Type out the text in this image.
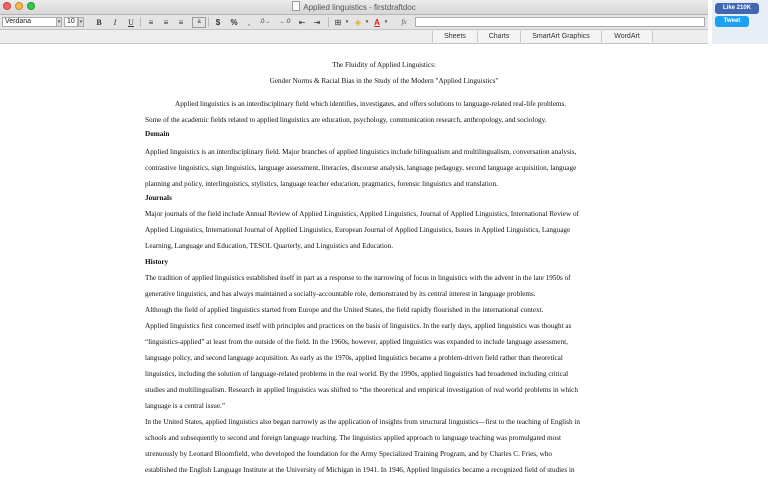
Applied linguistics - firstdraftdoc
Verdana	▾ 10 ▾ B	I	U	≡	≡	≡	a	$	%	,	.0→ ←.0	⇤	⇥	⊞ ▾ ◈ ▾ A ▾	fx
Sheets	Charts	SmartArt Graphics	WordArt
Like 210K
Tweet
The Fluidity of Applied Linguistics:
Gender Norms & Racial Bias in the Study of the Modern "Applied Linguistics"
Applied linguistics is an interdisciplinary field which identifies, investigates, and offers solutions to language-related real-life problems.
Some of the academic fields related to applied linguistics are education, psychology, communication research, anthropology, and sociology.
Domain
Applied linguistics is an interdisciplinary field. Major branches of applied linguistics include bilingualism and multilingualism, conversation analysis,
contrastive linguistics, sign linguistics, language assessment, literacies, discourse analysis, language pedagogy, second language acquisition, language
planning and policy, interlinguistics, stylistics, language teacher education, pragmatics, forensic linguistics and translation.
Journals
Major journals of the field include Annual Review of Applied Linguistics, Applied Linguistics, Journal of Applied Linguistics, International Review of
Applied Linguistics, International Journal of Applied Linguistics, European Journal of Applied Linguistics, Issues in Applied Linguistics, Language
Learning, Language and Education, TESOL Quarterly, and Linguistics and Education.
History
The tradition of applied linguistics established itself in part as a response to the narrowing of focus in linguistics with the advent in the late 1950s of
generative linguistics, and has always maintained a socially-accountable role, demonstrated by its central interest in language problems.
Although the field of applied linguistics started from Europe and the United States, the field rapidly flourished in the international context.
Applied linguistics first concerned itself with principles and practices on the basis of linguistics. In the early days, applied linguistics was thought as
“linguistics-applied” at least from the outside of the field. In the 1960s, however, applied linguistics was expanded to include language assessment,
language policy, and second language acquisition. As early as the 1970s, applied linguistics became a problem-driven field rather than theoretical
linguistics, including the solution of language-related problems in the real world. By the 1990s, applied linguistics had broadened including critical
studies and multilingualism. Research in applied linguistics was shifted to “the theoretical and empirical investigation of real world problems in which
language is a central issue.”
In the United States, applied linguistics also began narrowly as the application of insights from structural linguistics—first to the teaching of English in
schools and subsequently to second and foreign language teaching. The linguistics applied approach to language teaching was promulgated most
strenuously by Leonard Bloomfield, who developed the foundation for the Army Specialized Training Program, and by Charles C. Fries, who
established the English Language Institute at the University of Michigan in 1941. In 1946, Applied linguistics became a recognized field of studies in
